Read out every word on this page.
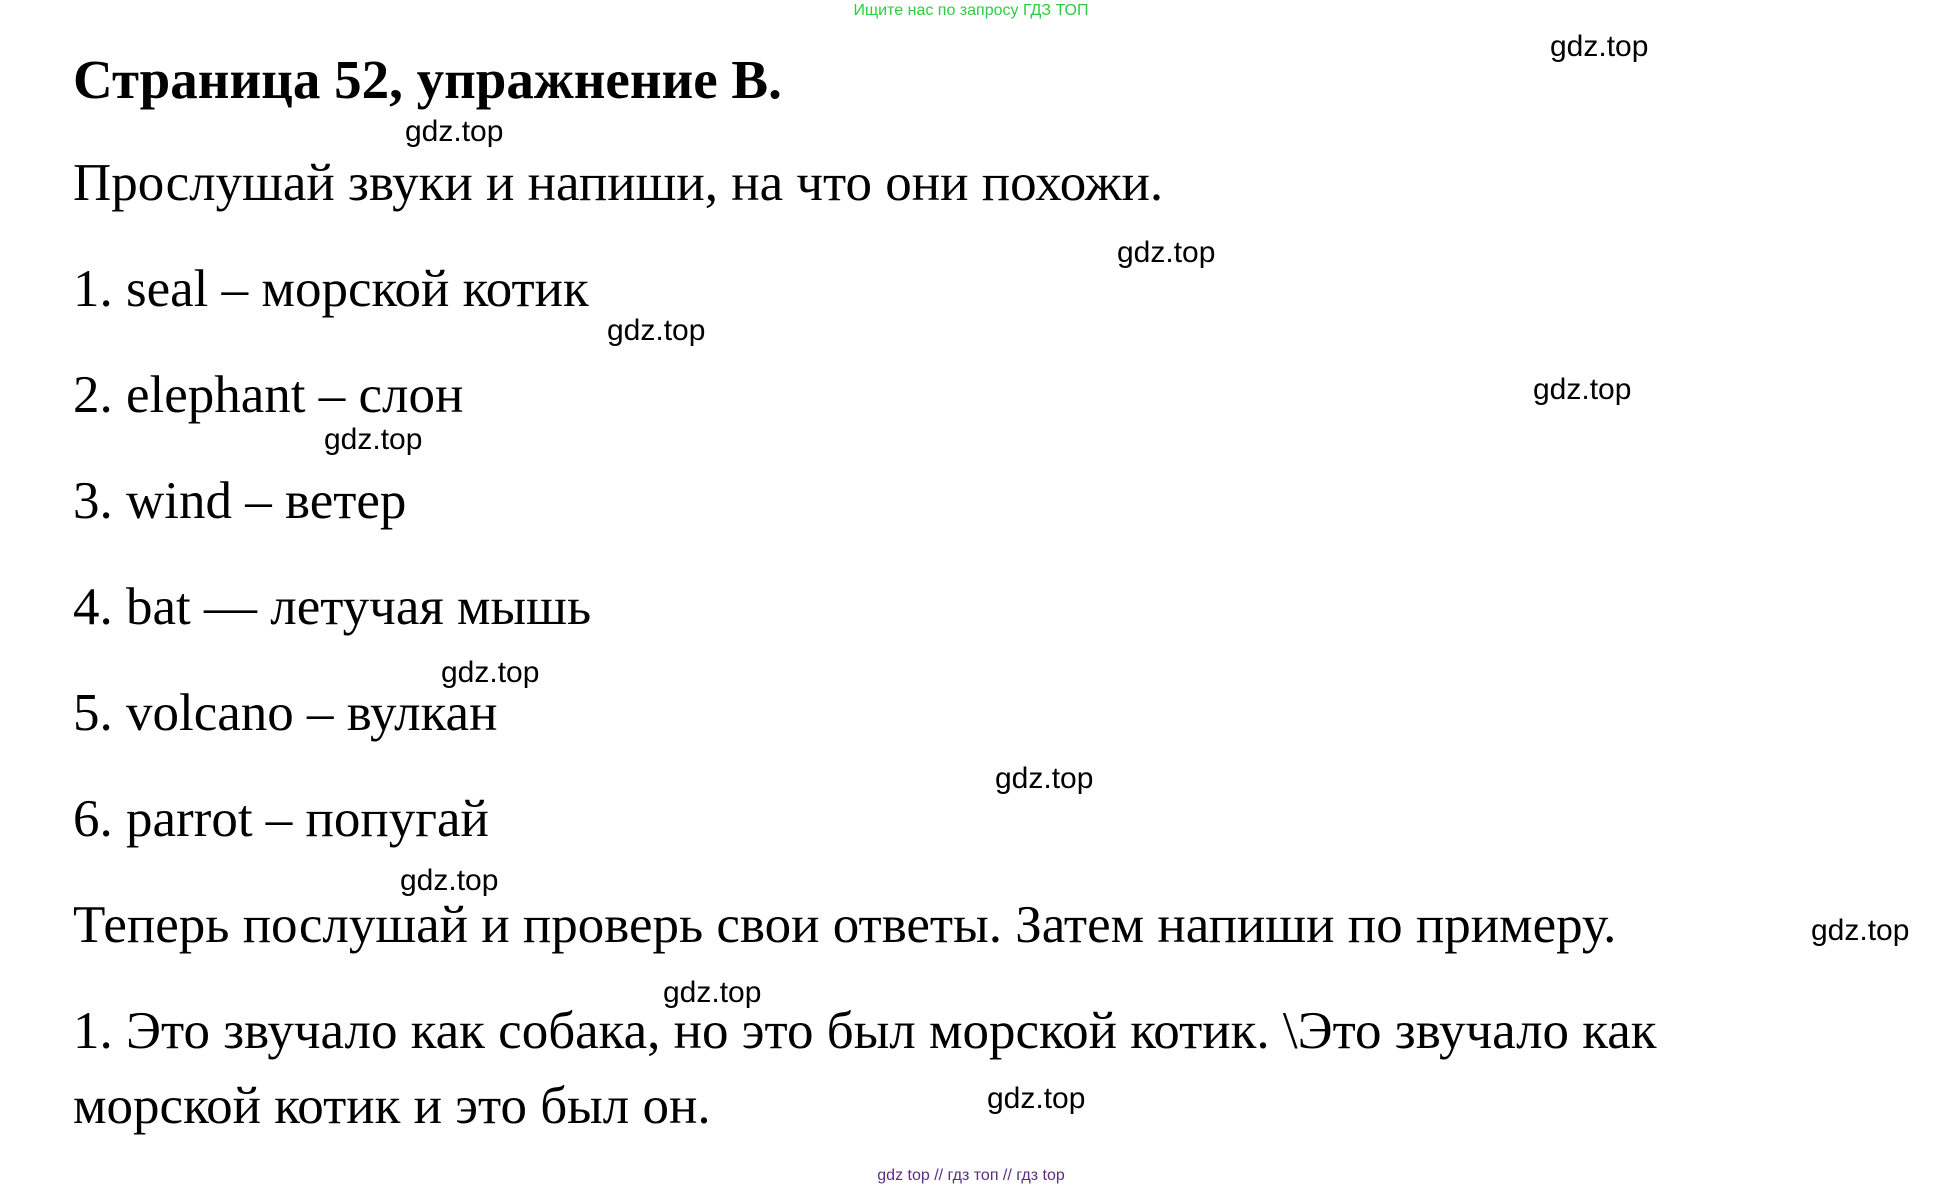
Ищите нас по запросу ГДЗ ТОП
Страница 52, упражнение B.
Прослушай звуки и напиши, на что они похожи.
1. seal – морской котик
2. elephant – слон
3. wind – ветер
4. bat — летучая мышь
5. volcano – вулкан
6. parrot – попугай
Теперь послушай и проверь свои ответы. Затем напиши по примеру.
1. Это звучало как собака, но это был морской котик. \Это звучало как
морской котик и это был он.
gdz.top
gdz.top
gdz.top
gdz.top
gdz.top
gdz.top
gdz.top
gdz.top
gdz.top
gdz.top
gdz.top
gdz.top
gdz top // гдз топ // гдз top
